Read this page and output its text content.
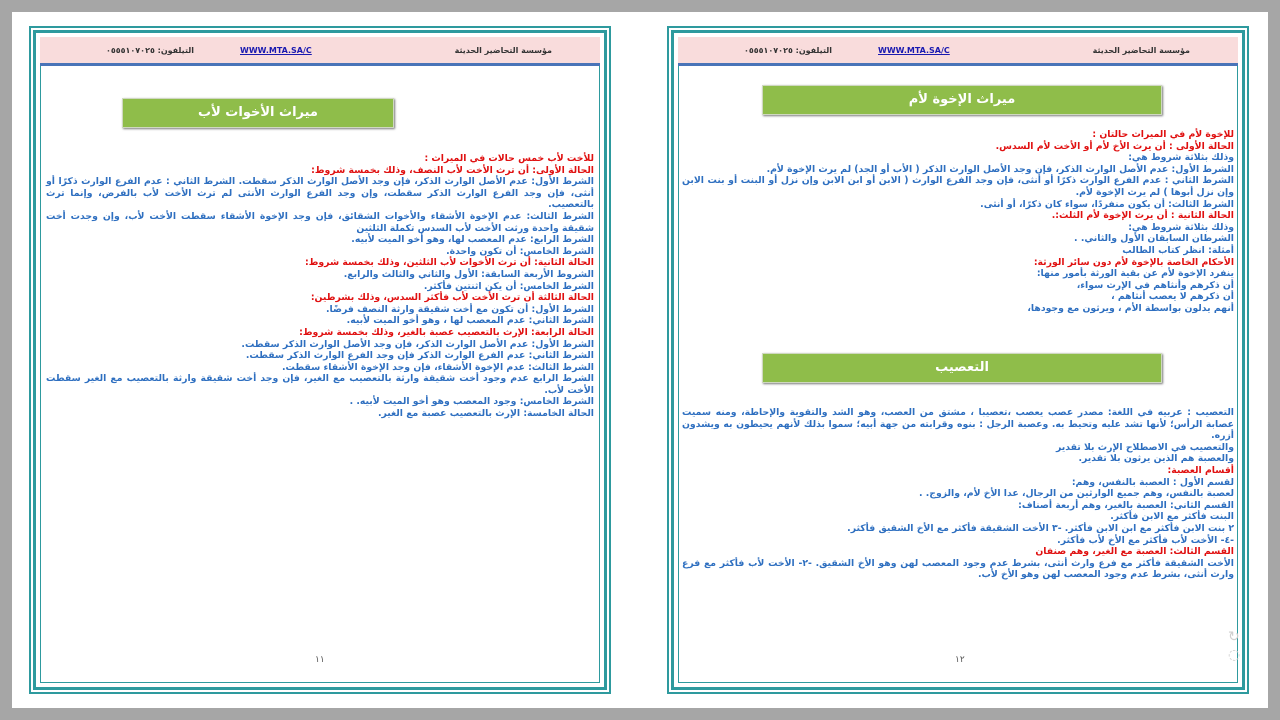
مؤسسة التحاضير الحديثة
WWW.MTA.SA/C
التيلفون: ٠٥٥٥١٠٧٠٢٥
ميراث الأخوات لأب

للأخت لأب خمس حالات في الميراث :

الحالة الأولى: أن ترث الأخت لأب النصف، وذلك بخمسة شروط:

الشرط الأول: عدم الأصل الوارث الذكر، فإن وجد الأصل الوارث الذكر سقطت. الشرط الثاني : عدم الفرع الوارث ذكرًا أو أنثى، فإن وجد الفرع الوارث الذكر سقطت، وإن وجد الفرع الوارث الأنثى لم ترث الأخت لأب بالفرض، وإنما ترث بالتعصيب.

الشرط الثالث: عدم الإخوة الأشقاء والأخوات الشقائق، فإن وجد الإخوة الأشقاء سقطت الأخت لأب، وإن وجدت أخت شقيقة واحدة ورثت الأخت لأب السدس تكملة الثلثين

الشرط الرابع: عدم المعصب لها، وهو أخو الميت لأبيه.

الشرط الخامس: أن تكون واحدة.

الحالة الثانية: أن ترث الأخوات لأب الثلثين، وذلك بخمسة شروط:

الشروط الأربعة السابقة: الأول والثاني والثالث والرابع.

الشرط الخامس: أن يكن اثنتين فأكثر.

الحالة الثالثة أن ترث الأخت لأب فأكثر السدس، وذلك بشرطين:

الشرط الأول: أن تكون مع أخت شقيقة وارثة النصف فرضًا.

الشرط الثاني: عدم المعصب لها ، وهو أخو الميت لأبيه.

الحالة الرابعة: الإرث بالتعصيب عصبة بالغير، وذلك بخمسة شروط:

الشرط الأول: عدم الأصل الوارث الذكر، فإن وجد الأصل الوارث الذكر سقطت.

الشرط الثاني: عدم الفرع الوارث الذكر فإن وجد الفرع الوارث الذكر سقطت.

الشرط الثالث: عدم الإخوة الأشقاء، فإن وجد الإخوة الأشقاء سقطت.

الشرط الرابع عدم وجود أخت شقيقة وارثة بالتعصيب مع الغير، فإن وجد أخت شقيقة وارثة بالتعصيب مع الغير سقطت الأخت لأب.

الشرط الخامس: وجود المعصب وهو أخو الميت لأبيه. .

الحالة الخامسة: الإرث بالتعصيب عصبة مع الغير.

١١
مؤسسة التحاضير الحديثة
WWW.MTA.SA/C
التيلفون: ٠٥٥٥١٠٧٠٢٥
ميراث الإخوة لأم

للإخوة لأم في الميراث حالتان :

الحالة الأولى : أن يرث الأخ لأم أو الأخت لأم السدس.

وذلك بثلاثة شروط هي:

الشرط الأول: عدم الأصل الوارث الذكر، فإن وجد الأصل الوارث الذكر ( الأب أو الجد) لم يرث الإخوة لأم.

الشرط الثاني : عدم الفرع الوارث ذكرًا أو أنثى، فإن وجد الفرع الوارث ( الابن أو ابن الابن وإن نزل أو البنت أو بنت الابن وإن نزل أبوها ) لم يرث الإخوة لأم.

الشرط الثالث: أن يكون منفردًا، سواء كان ذكرًا، أو أنثى.

الحالة الثانية : أن يرث الإخوة لأم الثلث:.

وذلك بثلاثة شروط هي:

الشرطان السابقان الأول والثاني. .

أمثلة: انظر كتاب الطالب

الأحكام الخاصة بالإخوة لأم دون سائر الورثة:

ينفرد الإخوة لأم عن بقية الورثة بأمور منها:

أن ذكرهم وأنثاهم في الإرث سواء،

أن ذكرهم لا يعصب أنثاهم ،

أنهم يدلون بواسطة الأم ، ويرثون مع وجودها،

التعصيب

التعصيب : عربيه في اللغة: مصدر عصب يعصب ،تعصيبا ، مشتق من العصب، وهو الشد والتقوية والإحاطة، ومنه سميت عصابة الرأس؛ لأنها تشد عليه وتحيط به. وعصبة الرجل : بنوه وقرابته من جهة أبيه؛ سموا بذلك لأنهم يحيطون به ويشدون أزره.

والتعصيب في الاصطلاح الإرث بلا تقدير

والعصبة هم الذين يرثون بلا تقدير.

أقسام العصبة:

لقسم الأول : العصبة بالنفس، وهم:

لعصبة بالنفس، وهم جميع الوارثين من الرجال، عدا الأخ لأم، والزوج. .

القسم الثاني: العصبة بالغير، وهم أربعة أصناف:

البنت فأكثر مع الابن فأكثر.

٢ بنت الابن فأكثر مع ابن الابن فأكثر. -٣ الأخت الشقيقة فأكثر مع الأخ الشقيق فأكثر.

-٤- الأخت لأب فأكثر مع الأخ لأب فأكثر.

القسم الثالث: العصبة مع الغير، وهم صنفان

الأخت الشقيقة فأكثر مع فرع وارث أنثى، بشرط عدم وجود المعصب لهن وهو الأخ الشقيق. -٢- الأخت لأب فأكثر مع فرع وارث أنثى، بشرط عدم وجود المعصب لهن وهو الأخ لأب.

١٢
↻
◌
